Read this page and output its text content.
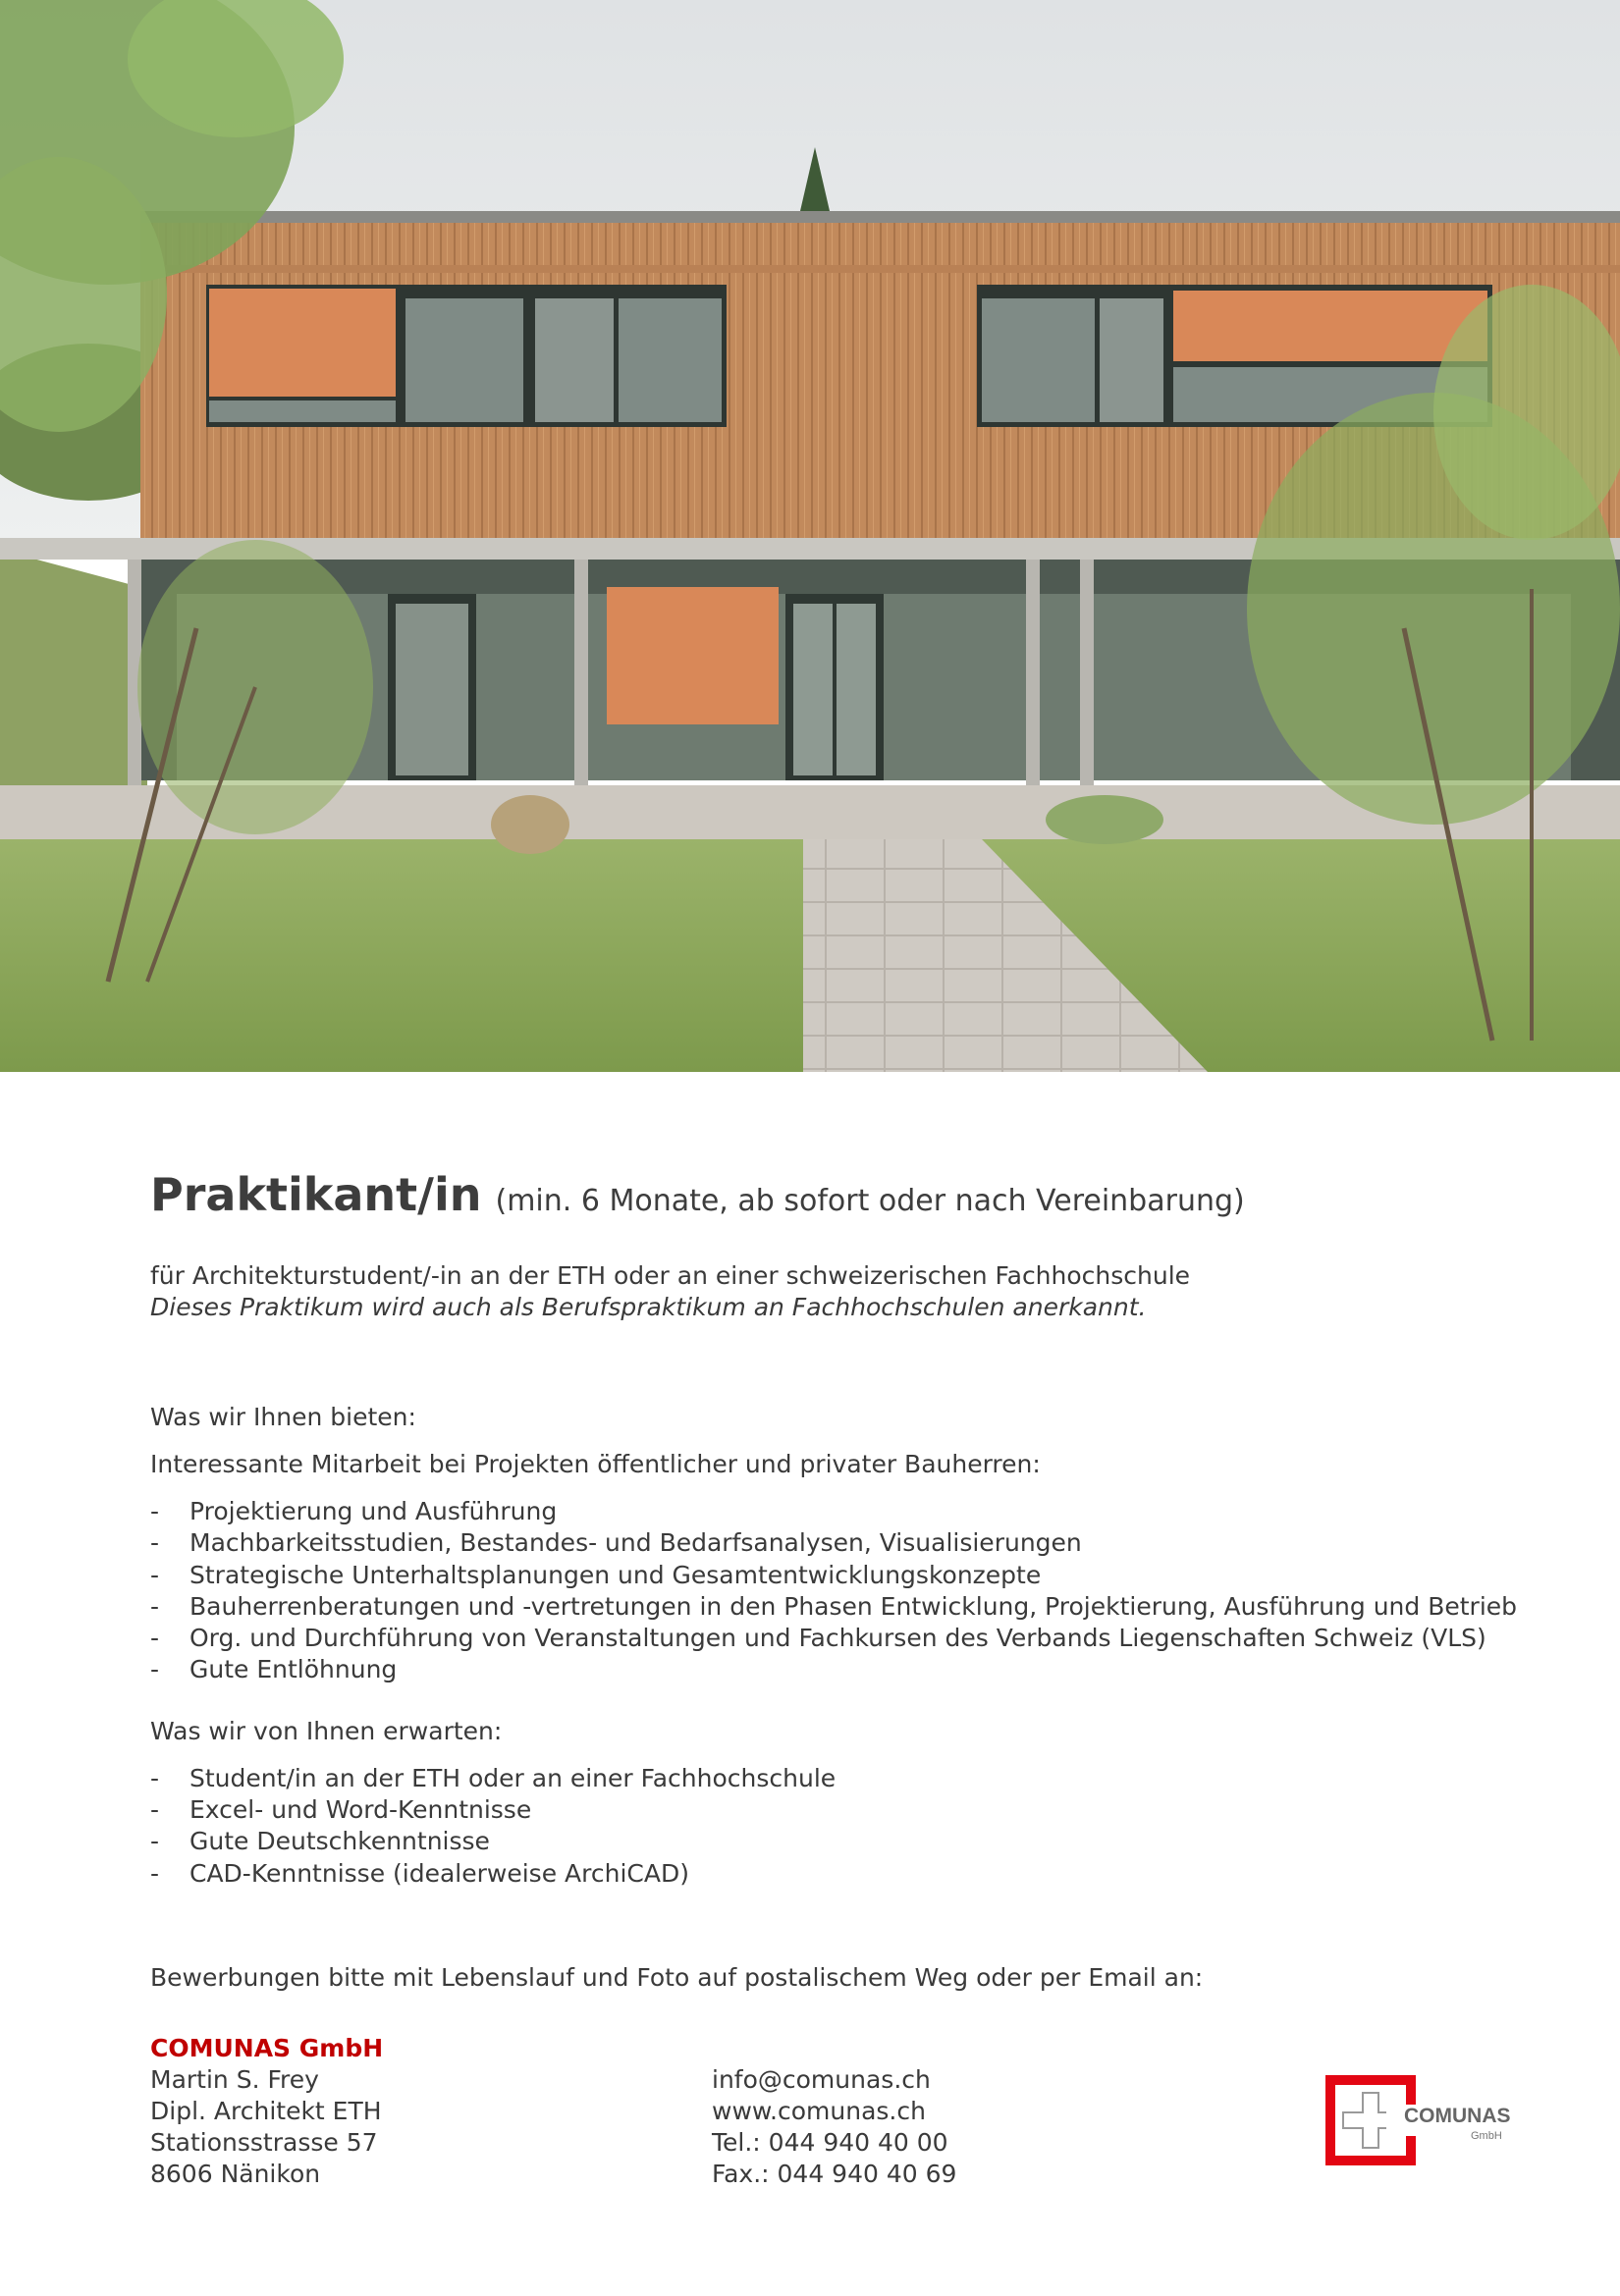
Praktikant/in (min. 6 Monate, ab sofort oder nach Vereinbarung)

für Architekturstudent/-in an der ETH oder an einer schweizerischen Fachhochschule

Dieses Praktikum wird auch als Berufspraktikum an Fachhochschulen anerkannt.

Was wir Ihnen bieten:

Interessante Mitarbeit bei Projekten öffentlicher und privater Bauherren:

- Projektierung und Ausführung
- Machbarkeitsstudien, Bestandes- und Bedarfsanalysen, Visualisierungen
- Strategische Unterhaltsplanungen und Gesamtentwicklungskonzepte
- Bauherrenberatungen und -vertretungen in den Phasen Entwicklung, Projektierung, Ausführung und Betrieb
- Org. und Durchführung von Veranstaltungen und Fachkursen des Verbands Liegenschaften Schweiz (VLS)
- Gute Entlöhnung

Was wir von Ihnen erwarten:

- Student/in an der ETH oder an einer Fachhochschule
- Excel- und Word-Kenntnisse
- Gute Deutschkenntnisse
- CAD-Kenntnisse (idealerweise ArchiCAD)

Bewerbungen bitte mit Lebenslauf und Foto auf postalischem Weg oder per Email an:

COMUNAS GmbH

Martin S. Frey

Dipl. Architekt ETH

Stationsstrasse 57

8606 Nänikon

info@comunas.ch

www.comunas.ch

Tel.: 044 940 40 00

Fax.: 044 940 40 69

COMUNAS
GmbH
